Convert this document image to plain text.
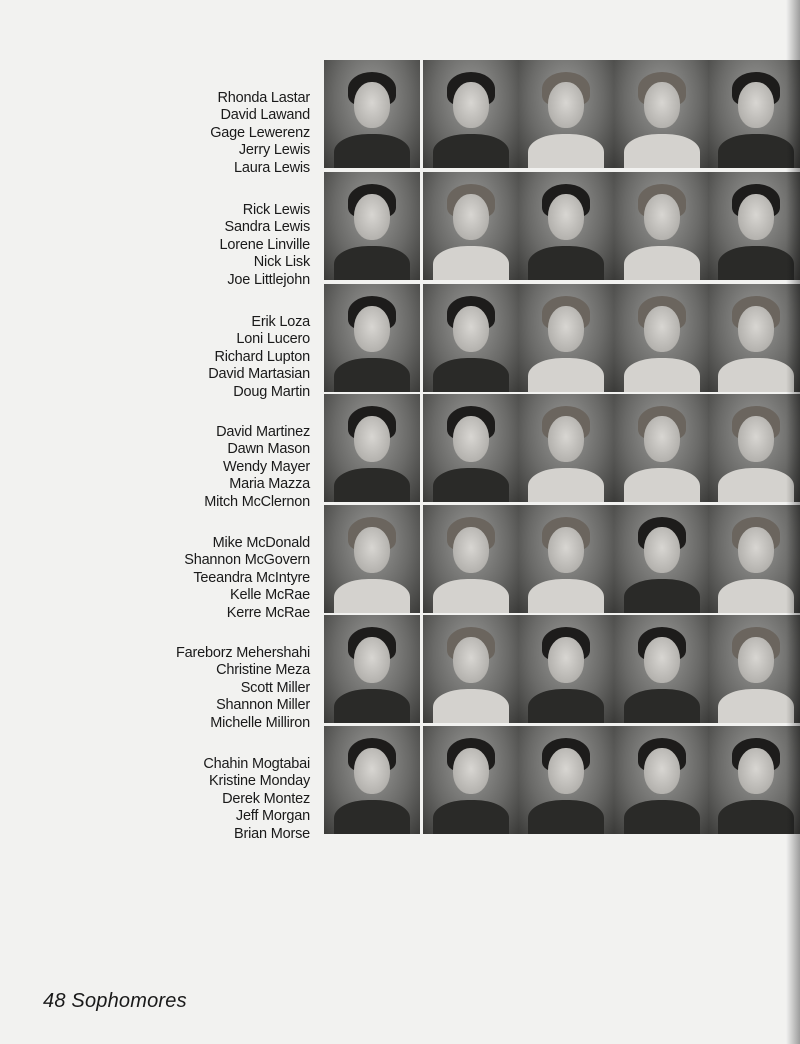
Rhonda Lastar
David Lawand
Gage Lewerenz
Jerry Lewis
Laura Lewis
Rick Lewis
Sandra Lewis
Lorene Linville
Nick Lisk
Joe Littlejohn
Erik Loza
Loni Lucero
Richard Lupton
David Martasian
Doug Martin
David Martinez
Dawn Mason
Wendy Mayer
Maria Mazza
Mitch McClernon
Mike McDonald
Shannon McGovern
Teeandra McIntyre
Kelle McRae
Kerre McRae
Fareborz Mehershahi
Christine Meza
Scott Miller
Shannon Miller
Michelle Milliron
Chahin Mogtabai
Kristine Monday
Derek Montez
Jeff Morgan
Brian Morse
48 Sophomores
